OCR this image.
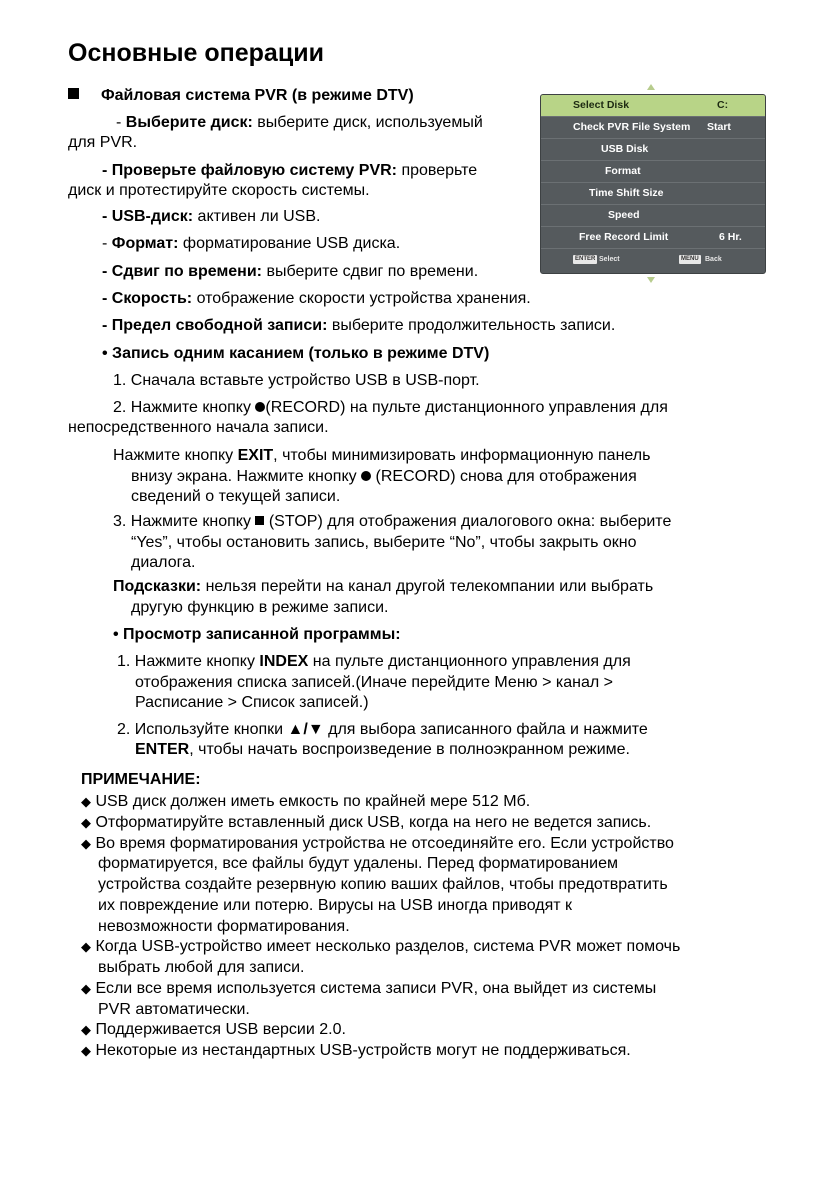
Основные операции
Файловая система PVR (в режиме DTV)
- Выберите диск: выберите диск, используемый
для PVR.
- Проверьте файловую систему PVR: проверьте
диск и протестируйте скорость системы.
- USB-диск: активен ли USB.
- Формат: форматирование USB диска.
- Сдвиг по времени: выберите сдвиг по времени.
- Скорость: отображение скорости устройства хранения.
- Предел свободной записи: выберите продолжительность записи.
Select Disk	C:
Check PVR File System Start
USB Disk
Format
Time Shift Size
Speed
Free Record Limit	6 Hr.
ENTER Select	MENU Back
• Запись одним касанием (только в режиме DTV)
1. Сначала вставьте устройство USB в USB-порт.
2. Нажмите кнопку (RECORD) на пульте дистанционного управления для
непосредственного начала записи.
Нажмите кнопку EXIT, чтобы минимизировать информационную панель
внизу экрана. Нажмите кнопку  (RECORD) снова для отображения
сведений о текущей записи.
3. Нажмите кнопку  (STOP) для отображения диалогового окна: выберите
“Yes”, чтобы остановить запись, выберите “No”, чтобы закрыть окно
диалога.
Подсказки: нельзя перейти на канал другой телекомпании или выбрать
другую функцию в режиме записи.
• Просмотр записанной программы:
1. Нажмите кнопку INDEX на пульте дистанционного управления для
отображения списка записей.(Иначе перейдите Меню > канал >
Расписание > Список записей.)
2. Используйте кнопки ▲/▼ для выбора записанного файла и нажмите
ENTER, чтобы начать воспроизведение в полноэкранном режиме.
ПРИМЕЧАНИЕ:
◆ USB диск должен иметь емкость по крайней мере 512 Мб.
◆ Отформатируйте вставленный диск USB, когда на него не ведется запись.
◆ Во время форматирования устройства не отсоединяйте его. Если устройство
форматируется, все файлы будут удалены. Перед форматированием
устройства создайте резервную копию ваших файлов, чтобы предотвратить
их повреждение или потерю. Вирусы на USB иногда приводят к
невозможности форматирования.
◆ Когда USB-устройство имеет несколько разделов, система PVR может помочь
выбрать любой для записи.
◆ Если все время используется система записи PVR, она выйдет из системы
PVR автоматически.
◆ Поддерживается USB версии 2.0.
◆ Некоторые из нестандартных USB-устройств могут не поддерживаться.
